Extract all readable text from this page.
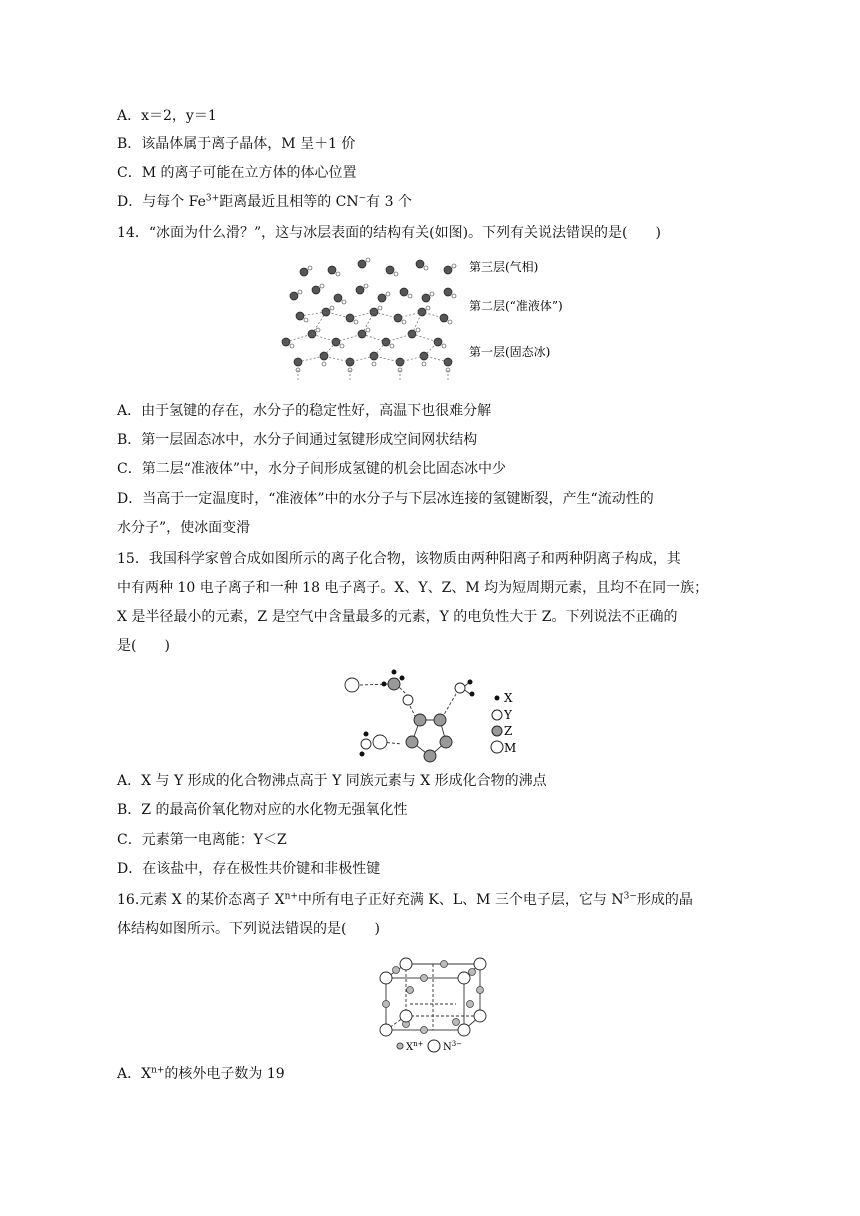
A．x＝2，y＝1
B．该晶体属于离子晶体，M 呈＋1 价
C．M 的离子可能在立方体的体心位置
D．与每个 $Fe^{3+}$距离最近且相等的 CN−有 3 个
14．“冰面为什么滑？”，这与冰层表面的结构有关(如图)。下列有关说法错误的是(　　)
第三层(气相)
第二层(“准液体”)
第一层(固态冰)
A．由于氢键的存在，水分子的稳定性好，高温下也很难分解
B．第一层固态冰中，水分子间通过氢键形成空间网状结构
C．第二层“准液体”中，水分子间形成氢键的机会比固态冰中少
D．当高于一定温度时，“准液体”中的水分子与下层冰连接的氢键断裂，产生“流动性的
水分子”，使冰面变滑
15．我国科学家曾合成如图所示的离子化合物，该物质由两种阳离子和两种阴离子构成，其
中有两种 10 电子离子和一种 18 电子离子。X、Y、Z、M 均为短周期元素，且均不在同一族；
X 是半径最小的元素，Z 是空气中含量最多的元素，Y 的电负性大于 Z。下列说法不正确的
是(　　)
X
Y
Z
M
A．X 与 Y 形成的化合物沸点高于 Y 同族元素与 X 形成化合物的沸点
B．Z 的最高价氧化物对应的水化物无强氧化性
C．元素第一电离能：Y＜Z
D．在该盐中，存在极性共价键和非极性键
16.元素 X 的某价态离子 $X^{n+}$中所有电子正好充满 K、L、M 三个电子层，它与 $N^{3-}$形成的晶
体结构如图所示。下列说法错误的是(　　)
$X^{n+}$ $N^{3-}$
A．$X^{n+}$的核外电子数为 19
